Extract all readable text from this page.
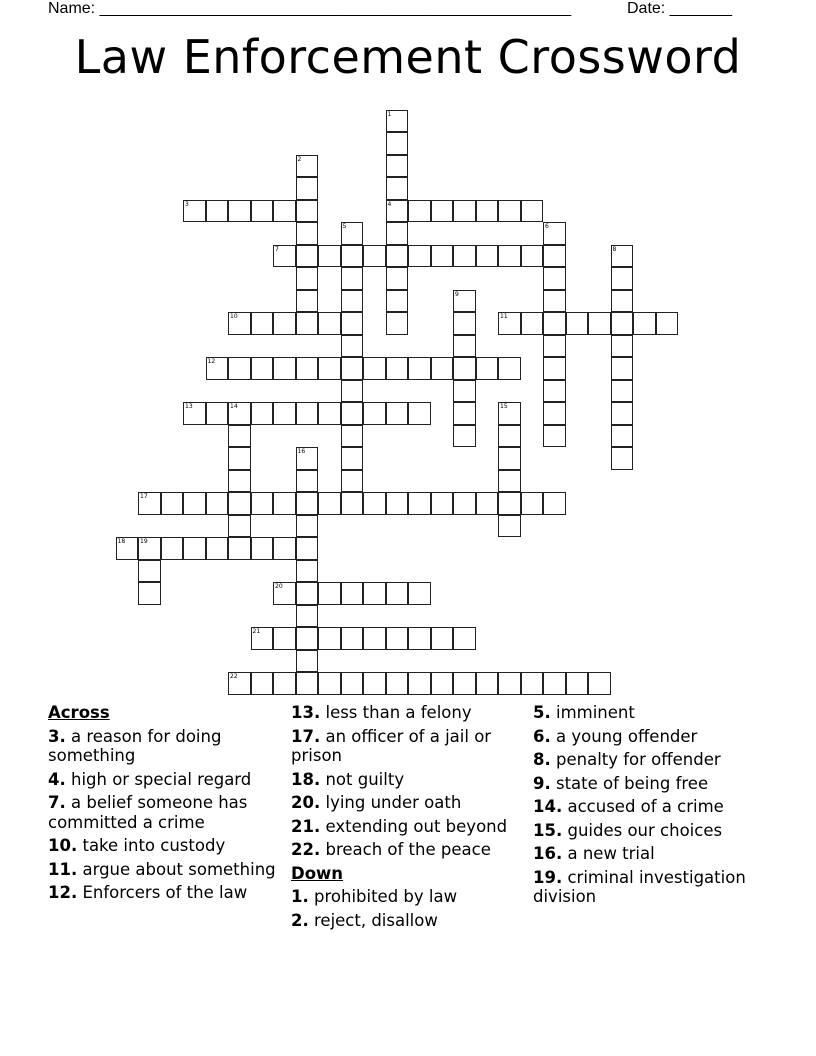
Name: _____________________________________________________	Date: _______
Law Enforcement Crossword
1
4
2
3
5	6
7	8
9
10	11
12
13	14	15
16
17
18 19
20
21
22
Across
3. a reason for doing something
4. high or special regard
7. a belief someone has committed a crime
10. take into custody
11. argue about something
12. Enforcers of the law
13. less than a felony
17. an officer of a jail or prison
18. not guilty
20. lying under oath
21. extending out beyond
22. breach of the peace
Down
1. prohibited by law
2. reject, disallow
5. imminent
6. a young offender
8. penalty for offender
9. state of being free
14. accused of a crime
15. guides our choices
16. a new trial
19. criminal investigation division
